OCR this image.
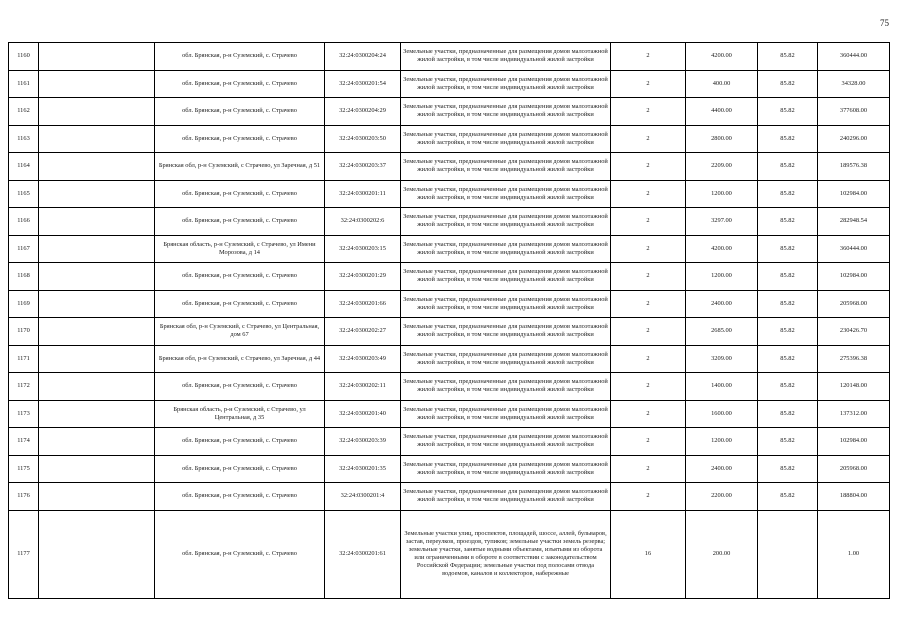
75
1160		обл. Брянская, р-н Суземский, с. Страчево	32:24:0300204:24	Земельные участки, предназначенные для размещения домов малоэтажной жилой застройки, в том числе индивидуальной жилой застройки	2	4200.00	85.82	360444.00
1161		обл. Брянская, р-н Суземский, с. Страчево	32:24:0300201:54	Земельные участки, предназначенные для размещения домов малоэтажной жилой застройки, в том числе индивидуальной жилой застройки	2	400.00	85.82	34328.00
1162		обл. Брянская, р-н Суземский, с. Страчево	32:24:0300204:29	Земельные участки, предназначенные для размещения домов малоэтажной жилой застройки, в том числе индивидуальной жилой застройки	2	4400.00	85.82	377608.00
1163		обл. Брянская, р-н Суземский, с. Страчево	32:24:0300203:50	Земельные участки, предназначенные для размещения домов малоэтажной жилой застройки, в том числе индивидуальной жилой застройки	2	2800.00	85.82	240296.00
1164		Брянская обл, р-н Суземский, с Страчево, ул Заречная, д 51	32:24:0300203:37	Земельные участки, предназначенные для размещения домов малоэтажной жилой застройки, в том числе индивидуальной жилой застройки	2	2209.00	85.82	189576.38
1165		обл. Брянская, р-н Суземский, с. Страчево	32:24:0300201:11	Земельные участки, предназначенные для размещения домов малоэтажной жилой застройки, в том числе индивидуальной жилой застройки	2	1200.00	85.82	102984.00
1166		обл. Брянская, р-н Суземский, с. Страчево	32:24:0300202:6	Земельные участки, предназначенные для размещения домов малоэтажной жилой застройки, в том числе индивидуальной жилой застройки	2	3297.00	85.82	282948.54
1167		Брянская область, р-н Суземский, с Страчево, ул Имени Морозова, д 14	32:24:0300203:15	Земельные участки, предназначенные для размещения домов малоэтажной жилой застройки, в том числе индивидуальной жилой застройки	2	4200.00	85.82	360444.00
1168		обл. Брянская, р-н Суземский, с. Страчево	32:24:0300201:29	Земельные участки, предназначенные для размещения домов малоэтажной жилой застройки, в том числе индивидуальной жилой застройки	2	1200.00	85.82	102984.00
1169		обл. Брянская, р-н Суземский, с. Страчево	32:24:0300201:66	Земельные участки, предназначенные для размещения домов малоэтажной жилой застройки, в том числе индивидуальной жилой застройки	2	2400.00	85.82	205968.00
1170		Брянская обл, р-н Суземский, с Страчево, ул Центральная, дом 67	32:24:0300202:27	Земельные участки, предназначенные для размещения домов малоэтажной жилой застройки, в том числе индивидуальной жилой застройки	2	2685.00	85.82	230426.70
1171		Брянская обл, р-н Суземский, с Страчево, ул Заречная, д 44	32:24:0300203:49	Земельные участки, предназначенные для размещения домов малоэтажной жилой застройки, в том числе индивидуальной жилой застройки	2	3209.00	85.82	275396.38
1172		обл. Брянская, р-н Суземский, с. Страчево	32:24:0300202:11	Земельные участки, предназначенные для размещения домов малоэтажной жилой застройки, в том числе индивидуальной жилой застройки	2	1400.00	85.82	120148.00
1173		Брянская область, р-н Суземский, с Страчево, ул Центральная, д 35	32:24:0300201:40	Земельные участки, предназначенные для размещения домов малоэтажной жилой застройки, в том числе индивидуальной жилой застройки	2	1600.00	85.82	137312.00
1174		обл. Брянская, р-н Суземский, с. Страчево	32:24:0300203:39	Земельные участки, предназначенные для размещения домов малоэтажной жилой застройки, в том числе индивидуальной жилой застройки	2	1200.00	85.82	102984.00
1175		обл. Брянская, р-н Суземский, с. Страчево	32:24:0300201:35	Земельные участки, предназначенные для размещения домов малоэтажной жилой застройки, в том числе индивидуальной жилой застройки	2	2400.00	85.82	205968.00
1176		обл. Брянская, р-н Суземский, с. Страчево	32:24:0300201:4	Земельные участки, предназначенные для размещения домов малоэтажной жилой застройки, в том числе индивидуальной жилой застройки	2	2200.00	85.82	188804.00
1177		обл. Брянская, р-н Суземский, с. Страчево	32:24:0300201:61	Земельные участки улиц, проспектов, площадей, шоссе, аллей, бульваров, застав, переулков, проездов, тупиков; земельные участки земель резерва; земельные участки, занятые водными объектами, изъятыми из оборота или ограниченными в обороте в соответствии с законодательством Российской Федерации; земельные участки под полосами отвода водоемов, каналов и коллекторов, набережные	16	200.00		1.00
